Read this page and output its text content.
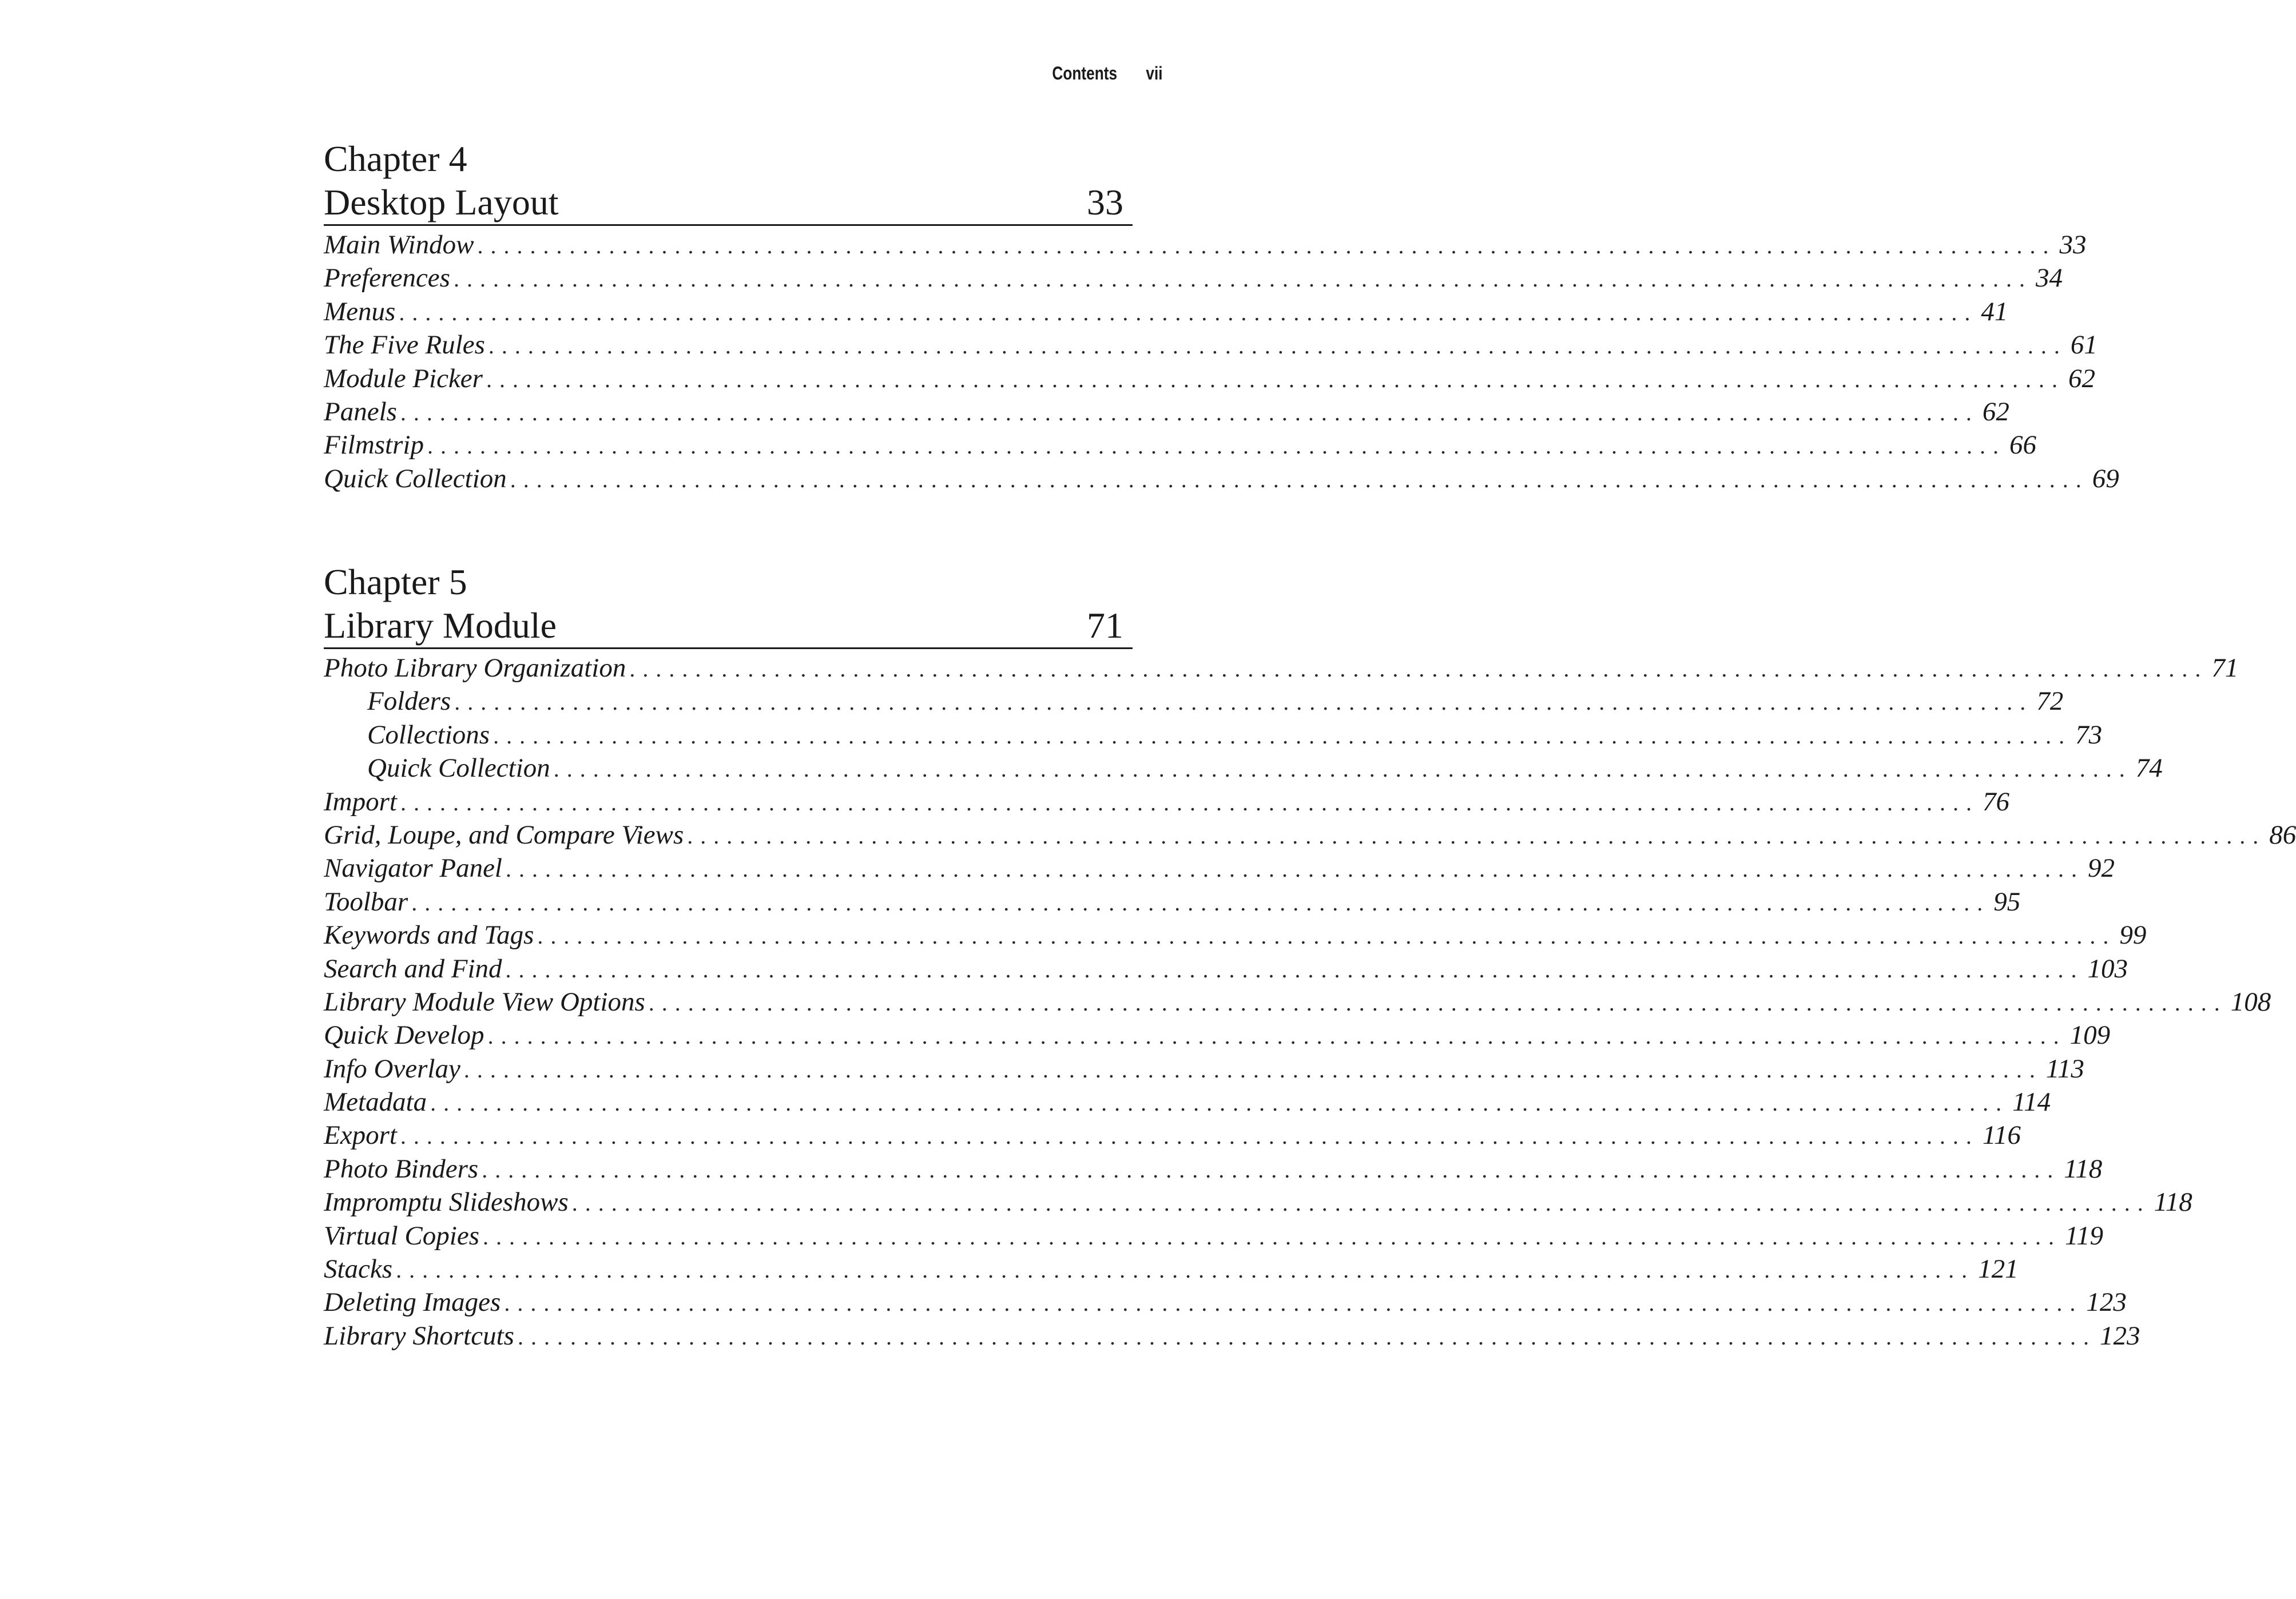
Contents vii
Chapter 4
Desktop Layout	33
Main Window ........................................................................................................................ 33
Preferences ........................................................................................................................ 34
Menus ........................................................................................................................ 41
The Five Rules ........................................................................................................................ 61
Module Picker ........................................................................................................................ 62
Panels ........................................................................................................................ 62
Filmstrip ........................................................................................................................ 66
Quick Collection ........................................................................................................................ 69
Chapter 5
Library Module	71
Photo Library Organization ........................................................................................................................ 71
Folders ........................................................................................................................ 72
Collections ........................................................................................................................ 73
Quick Collection ........................................................................................................................ 74
Import ........................................................................................................................ 76
Grid, Loupe, and Compare Views ........................................................................................................................ 86
Navigator Panel ........................................................................................................................ 92
Toolbar ........................................................................................................................ 95
Keywords and Tags ........................................................................................................................ 99
Search and Find ........................................................................................................................ 103
Library Module View Options ........................................................................................................................ 108
Quick Develop ........................................................................................................................ 109
Info Overlay ........................................................................................................................ 113
Metadata ........................................................................................................................ 114
Export ........................................................................................................................ 116
Photo Binders ........................................................................................................................ 118
Impromptu Slideshows ........................................................................................................................ 118
Virtual Copies ........................................................................................................................ 119
Stacks ........................................................................................................................ 121
Deleting Images ........................................................................................................................ 123
Library Shortcuts ........................................................................................................................ 123
